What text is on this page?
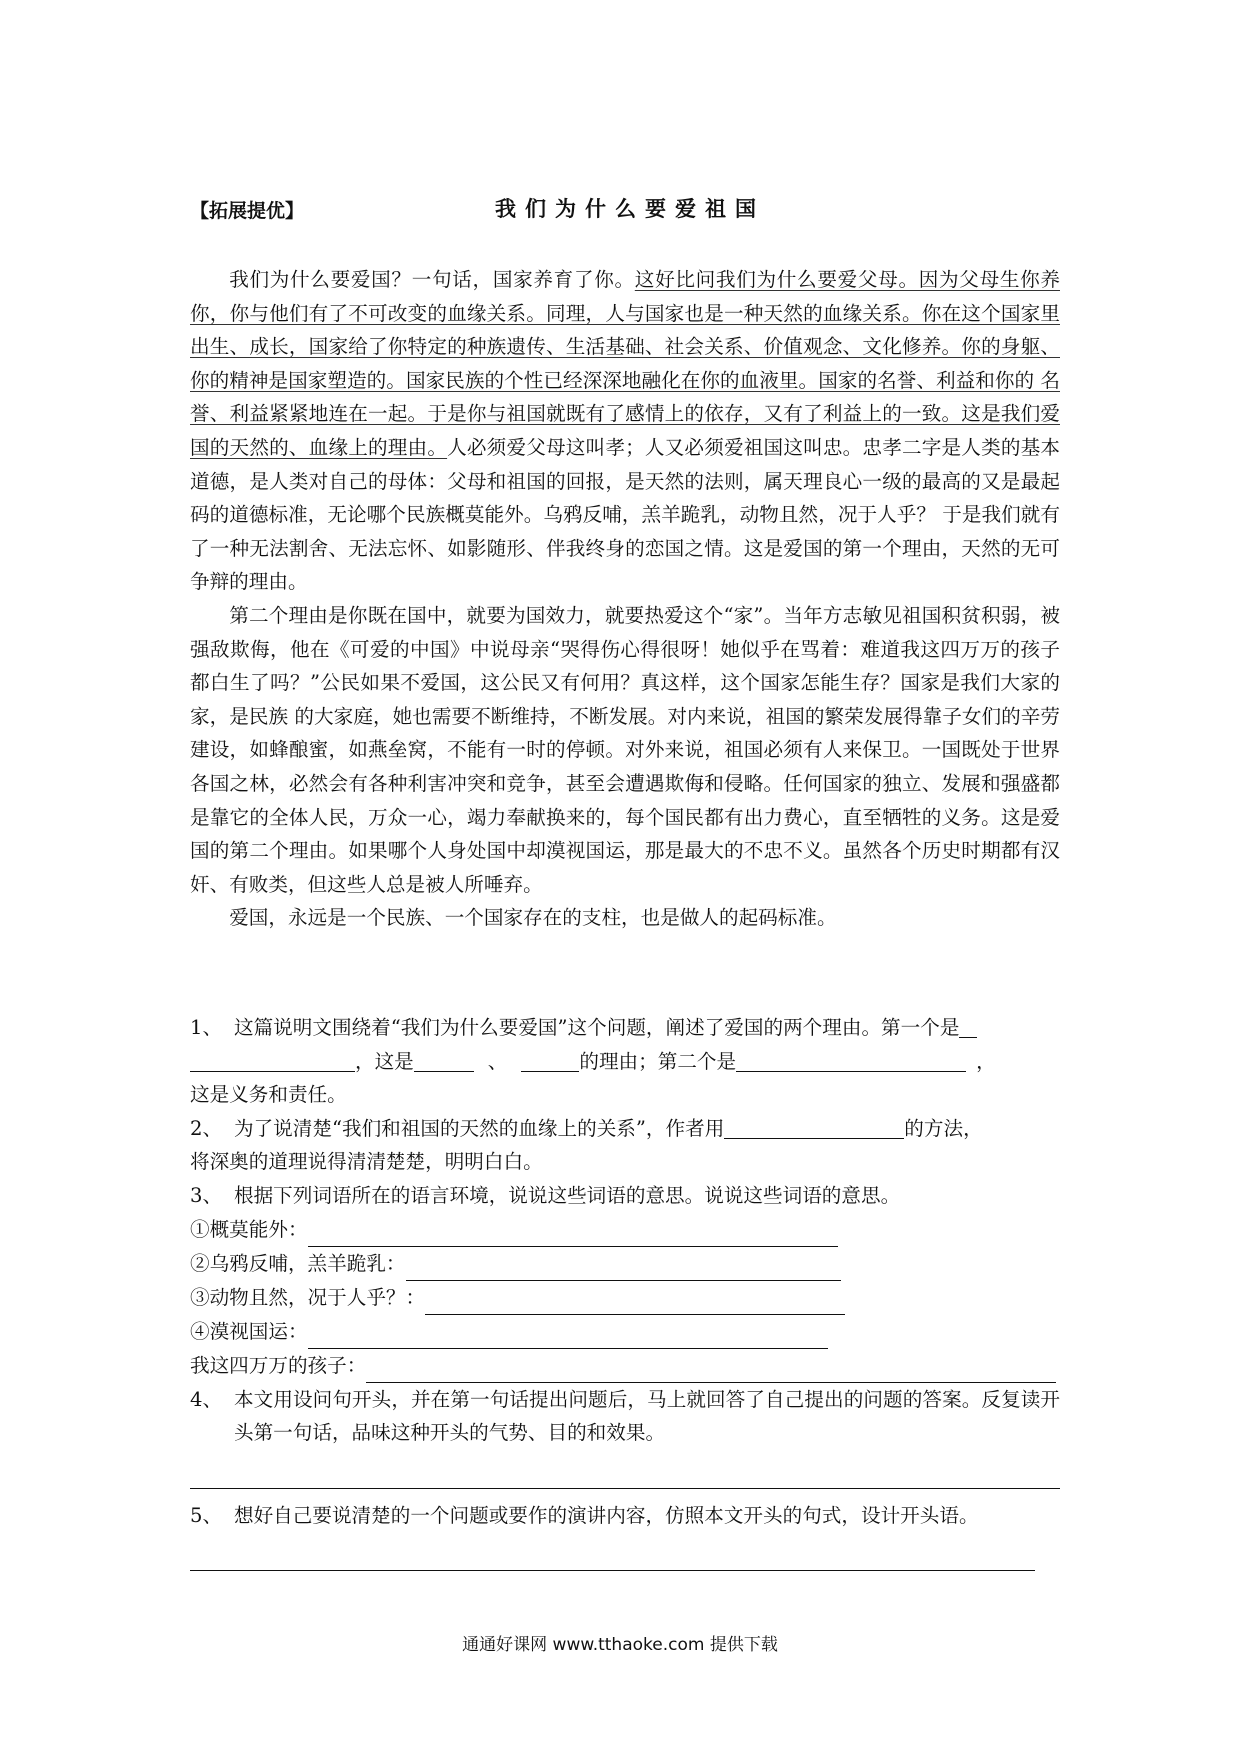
【拓展提优】	我们为什么要爱祖国

我们为什么要爱国？一句话，国家养育了你。这好比问我们为什么要爱父母。因为父母生你养你，你与他们有了不可改变的血缘关系。同理，人与国家也是一种天然的血缘关系。你在这个国家里出生、成长，国家给了你特定的种族遗传、生活基础、社会关系、价值观念、文化修养。你的身躯、你的精神是国家塑造的。国家民族的个性已经深深地融化在你的血液里。国家的名誉、利益和你的 名誉、利益紧紧地连在一起。于是你与祖国就既有了感情上的依存，又有了利益上的一致。这是我们爱国的天然的、血缘上的理由。人必须爱父母这叫孝；人又必须爱祖国这叫忠。忠孝二字是人类的基本道德，是人类对自己的母体：父母和祖国的回报，是天然的法则，属天理良心一级的最高的又是最起码的道德标准，无论哪个民族概莫能外。乌鸦反哺，羔羊跪乳，动物且然，况于人乎？ 于是我们就有了一种无法割舍、无法忘怀、如影随形、伴我终身的恋国之情。这是爱国的第一个理由，天然的无可争辩的理由。

第二个理由是你既在国中，就要为国效力，就要热爱这个“家”。当年方志敏见祖国积贫积弱，被强敌欺侮，他在《可爱的中国》中说母亲“哭得伤心得很呀！她似乎在骂着：难道我这四万万的孩子都白生了吗？”公民如果不爱国，这公民又有何用？真这样，这个国家怎能生存？国家是我们大家的家，是民族 的大家庭，她也需要不断维持，不断发展。对内来说，祖国的繁荣发展得靠子女们的辛劳建设，如蜂酿蜜，如燕垒窝，不能有一时的停顿。对外来说，祖国必须有人来保卫。一国既处于世界各国之林，必然会有各种利害冲突和竞争，甚至会遭遇欺侮和侵略。任何国家的独立、发展和强盛都是靠它的全体人民，万众一心，竭力奉献换来的，每个国民都有出力费心，直至牺牲的义务。这是爱国的第二个理由。如果哪个人身处国中却漠视国运，那是最大的不忠不义。虽然各个历史时期都有汉奸、有败类，但这些人总是被人所唾弃。

爱国，永远是一个民族、一个国家存在的支柱，也是做人的起码标准。

1、 这篇说明文围绕着“我们为什么要爱国”这个问题，阐述了爱国的两个理由。第一个是
，这是	、	的理由；第二个是	，
这是义务和责任。
2、 为了说清楚“我们和祖国的天然的血缘上的关系”，作者用	的方法，
将深奥的道理说得清清楚楚，明明白白。
3、 根据下列词语所在的语言环境，说说这些词语的意思。说说这些词语的意思。
①概莫能外：
②乌鸦反哺，羔羊跪乳：
③动物且然，况于人乎？：
④漠视国运：
我这四万万的孩子：
4、 本文用设问句开头，并在第一句话提出问题后，马上就回答了自己提出的问题的答案。反复读开头第一句话，品味这种开头的气势、目的和效果。
5、 想好自己要说清楚的一个问题或要作的演讲内容，仿照本文开头的句式，设计开头语。
通通好课网 www.tthaoke.com 提供下载
